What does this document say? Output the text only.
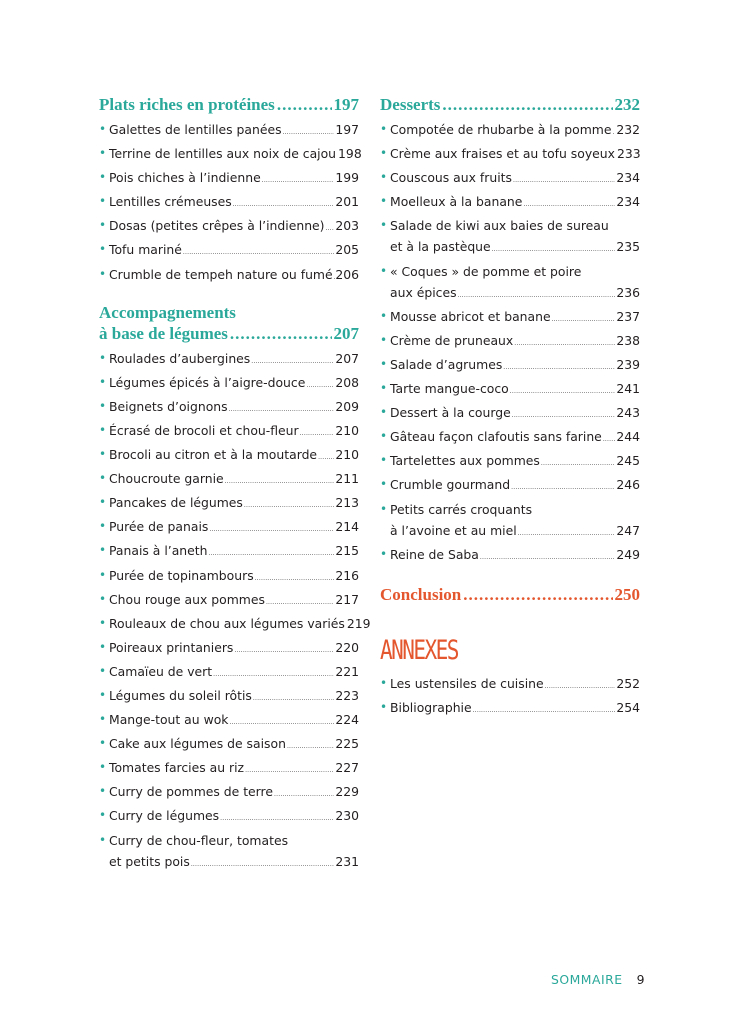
Plats riches en protéines .....	197
• Galettes de lentilles panées .....	197
• Terrine de lentilles aux noix de cajou 198
• Pois chiches à l’indienne .....	199
• Lentilles crémeuses .....	201
• Dosas (petites crêpes à l’indienne) ..... 203
• Tofu mariné .....	205
• Crumble de tempeh nature ou fumé ..... 206
Accompagnements
à base de légumes .....	207
• Roulades d’aubergines .....	207
• Légumes épicés à l’aigre-douce ..... 208
• Beignets d’oignons .....	209
• Écrasé de brocoli et chou-fleur .....	210
• Brocoli au citron et à la moutarde ..... 210
• Choucroute garnie .....	211
• Pancakes de légumes .....	213
• Purée de panais .....	214
• Panais à l’aneth .....	215
• Purée de topinambours .....	216
• Chou rouge aux pommes .....	217
• Rouleaux de chou aux légumes variés 219
• Poireaux printaniers .....	220
• Camaïeu de vert .....	221
• Légumes du soleil rôtis .....	223
• Mange-tout au wok .....	224
• Cake aux légumes de saison .....	225
• Tomates farcies au riz .....	227
• Curry de pommes de terre .....	229
• Curry de légumes .....	230
• Curry de chou-fleur, tomates
et petits pois .....	231
Desserts .....	232
• Compotée de rhubarbe à la pomme ..... 232
• Crème aux fraises et au tofu soyeux 233
• Couscous aux fruits .....	234
• Moelleux à la banane .....	234
• Salade de kiwi aux baies de sureau
et à la pastèque .....	235
• « Coques » de pomme et poire
aux épices .....	236
• Mousse abricot et banane .....	237
• Crème de pruneaux .....	238
• Salade d’agrumes .....	239
• Tarte mangue-coco .....	241
• Dessert à la courge .....	243
• Gâteau façon clafoutis sans farine ..... 244
• Tartelettes aux pommes .....	245
• Crumble gourmand .....	246
• Petits carrés croquants
à l’avoine et au miel .....	247
• Reine de Saba .....	249
Conclusion .....	250
ANNEXES
• Les ustensiles de cuisine .....	252
• Bibliographie .....	254
SOMMAIRE 9
